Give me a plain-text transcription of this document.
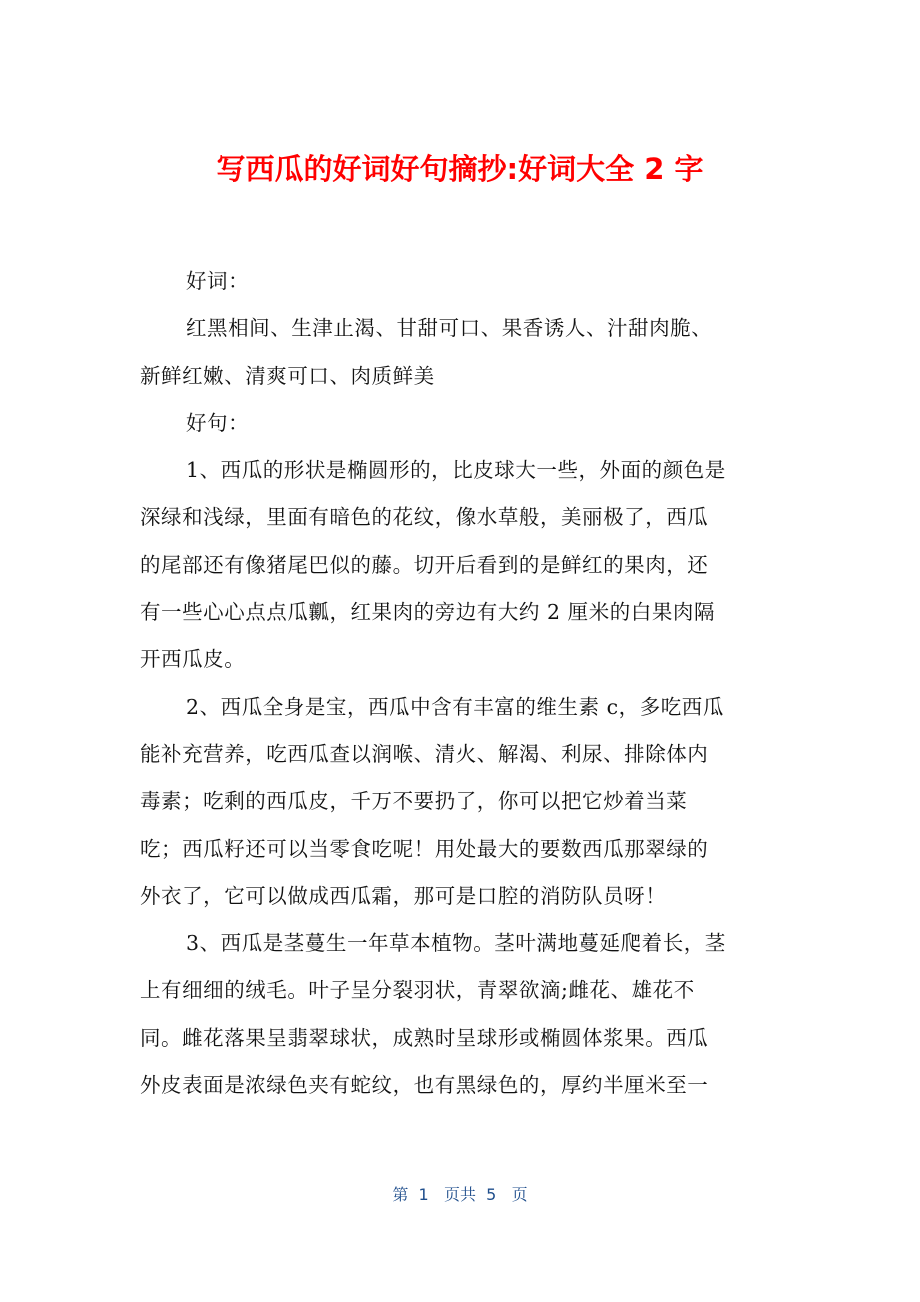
写西瓜的好词好句摘抄:好词大全 2 字
好词：
红黑相间、生津止渴、甘甜可口、果香诱人、汁甜肉脆、
新鲜红嫩、清爽可口、肉质鲜美
好句：
1、西瓜的形状是椭圆形的，比皮球大一些，外面的颜色是
深绿和浅绿，里面有暗色的花纹，像水草般，美丽极了，西瓜
的尾部还有像猪尾巴似的藤。切开后看到的是鲜红的果肉，还
有一些心心点点瓜瓤，红果肉的旁边有大约 2 厘米的白果肉隔
开西瓜皮。
2、西瓜全身是宝，西瓜中含有丰富的维生素 c，多吃西瓜
能补充营养，吃西瓜查以润喉、清火、解渴、利尿、排除体内
毒素；吃剩的西瓜皮，千万不要扔了，你可以把它炒着当菜
吃；西瓜籽还可以当零食吃呢！用处最大的要数西瓜那翠绿的
外衣了，它可以做成西瓜霜，那可是口腔的消防队员呀！
3、西瓜是茎蔓生一年草本植物。茎叶满地蔓延爬着长，茎
上有细细的绒毛。叶子呈分裂羽状，青翠欲滴;雌花、雄花不
同。雌花落果呈翡翠球状，成熟时呈球形或椭圆体浆果。西瓜
外皮表面是浓绿色夹有蛇纹，也有黑绿色的，厚约半厘米至一
第  1   页共  5   页
